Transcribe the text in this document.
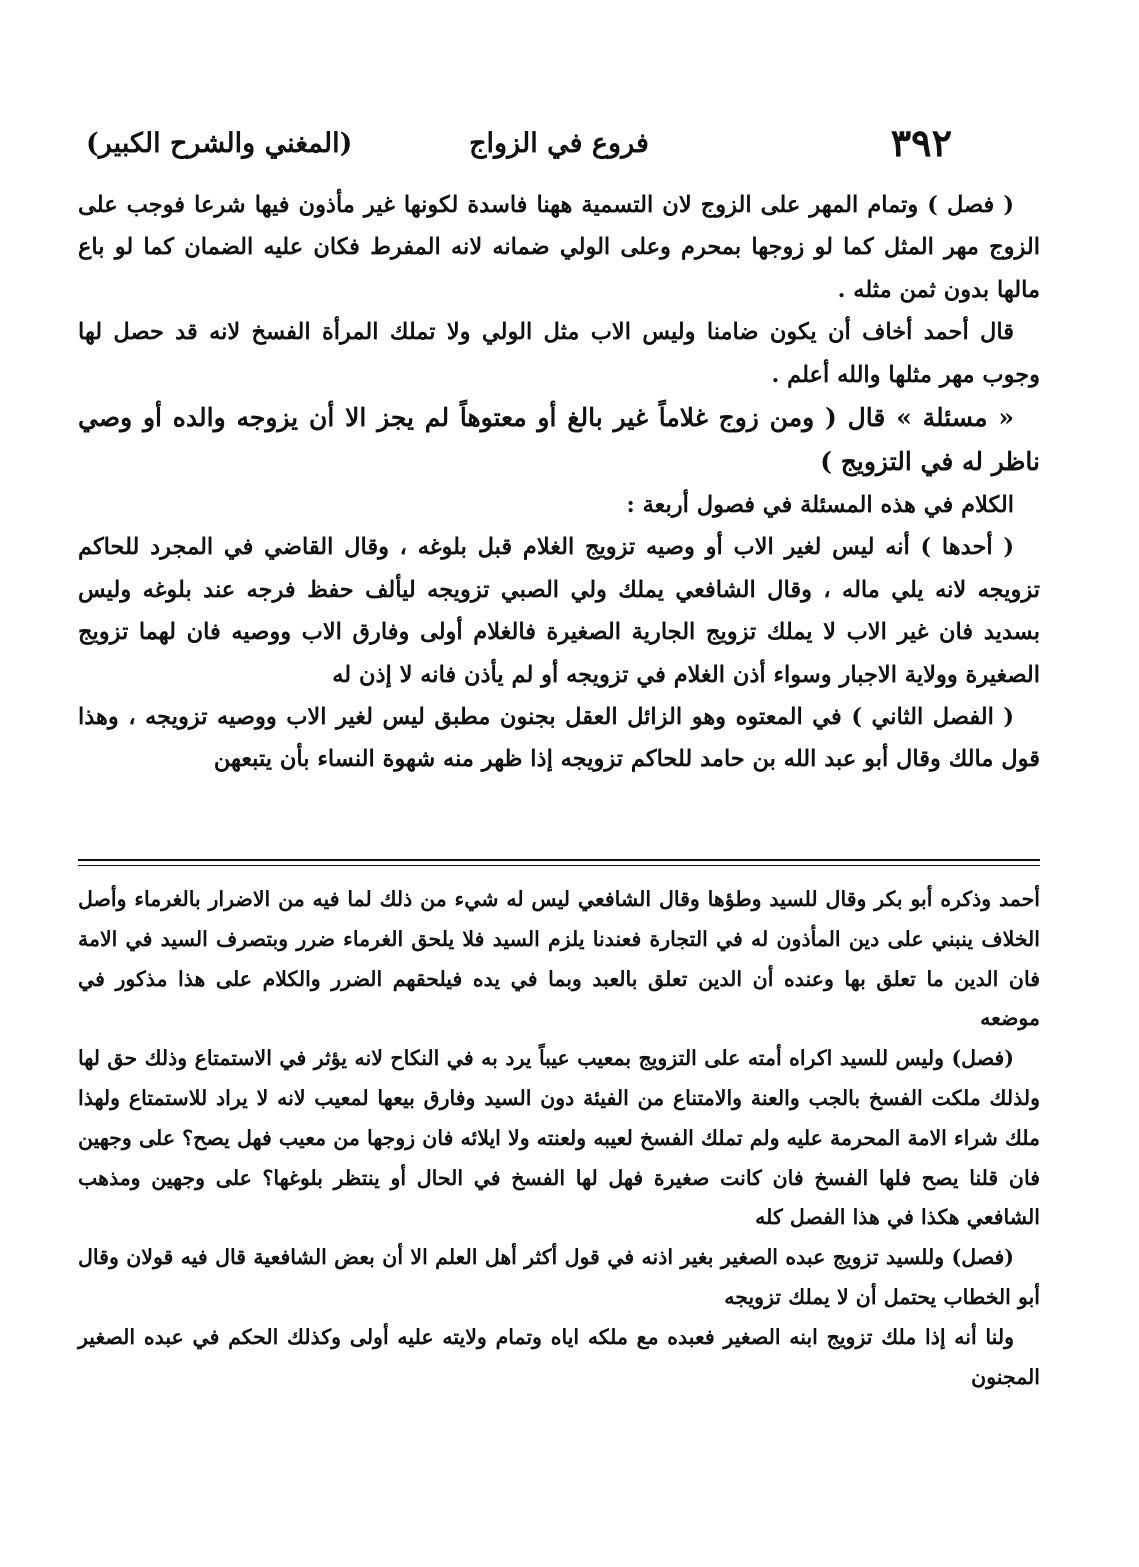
٣٩٢
فروع في الزواج
(المغني والشرح الكبير)

( فصل ) وتمام المهر على الزوج لان التسمية ههنا فاسدة لكونها غير مأذون فيها شرعا فوجب على الزوج مهر المثل كما لو زوجها بمحرم وعلى الولي ضمانه لانه المفرط فكان عليه الضمان كما لو باع مالها بدون ثمن مثله .

قال أحمد أخاف أن يكون ضامنا وليس الاب مثل الولي ولا تملك المرأة الفسخ لانه قد حصل لها وجوب مهر مثلها والله أعلم .

« مسئلة » قال ( ومن زوج غلاماً غير بالغ أو معتوهاً لم يجز الا أن يزوجه والده أو وصي ناظر له في التزويج )

الكلام في هذه المسئلة في فصول أربعة :

( أحدها ) أنه ليس لغير الاب أو وصيه تزويج الغلام قبل بلوغه ، وقال القاضي في المجرد للحاكم تزويجه لانه يلي ماله ، وقال الشافعي يملك ولي الصبي تزويجه ليألف حفظ فرجه عند بلوغه وليس بسديد فان غير الاب لا يملك تزويج الجارية الصغيرة فالغلام أولى وفارق الاب ووصيه فان لهما تزويج الصغيرة وولاية الاجبار وسواء أذن الغلام في تزويجه أو لم يأذن فانه لا إذن له

( الفصل الثاني ) في المعتوه وهو الزائل العقل بجنون مطبق ليس لغير الاب ووصيه تزويجه ، وهذا قول مالك وقال أبو عبد الله بن حامد للحاكم تزويجه إذا ظهر منه شهوة النساء بأن يتبعهن

أحمد وذكره أبو بكر وقال للسيد وطؤها وقال الشافعي ليس له شيء من ذلك لما فيه من الاضرار بالغرماء وأصل الخلاف ينبني على دين المأذون له في التجارة فعندنا يلزم السيد فلا يلحق الغرماء ضرر وبتصرف السيد في الامة فان الدين ما تعلق بها وعنده أن الدين تعلق بالعبد وبما في يده فيلحقهم الضرر والكلام على هذا مذكور في موضعه

(فصل) وليس للسيد اكراه أمته على التزويج بمعيب عيباً يرد به في النكاح لانه يؤثر في الاستمتاع وذلك حق لها ولذلك ملكت الفسخ بالجب والعنة والامتناع من الفيئة دون السيد وفارق بيعها لمعيب لانه لا يراد للاستمتاع ولهذا ملك شراء الامة المحرمة عليه ولم تملك الفسخ لعيبه ولعنته ولا ايلائه فان زوجها من معيب فهل يصح؟ على وجهين فان قلنا يصح فلها الفسخ فان كانت صغيرة فهل لها الفسخ في الحال أو ينتظر بلوغها؟ على وجهين ومذهب الشافعي هكذا في هذا الفصل كله

(فصل) وللسيد تزويج عبده الصغير بغير اذنه في قول أكثر أهل العلم الا أن بعض الشافعية قال فيه قولان وقال أبو الخطاب يحتمل أن لا يملك تزويجه

ولنا أنه إذا ملك تزويج ابنه الصغير فعبده مع ملكه اياه وتمام ولايته عليه أولى وكذلك الحكم في عبده الصغير المجنون
